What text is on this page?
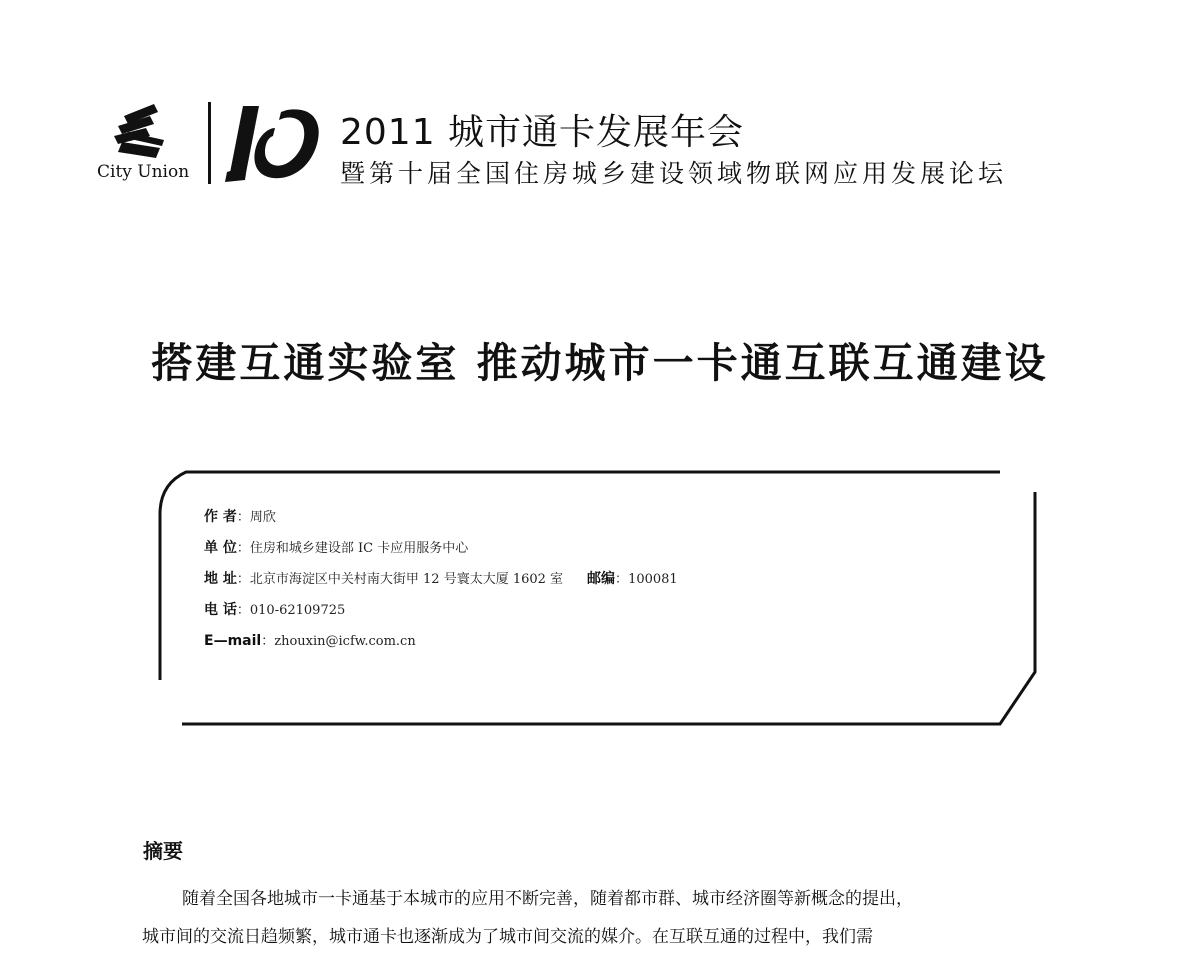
City Union
2011 城市通卡发展年会
暨第十届全国住房城乡建设领域物联网应用发展论坛
搭建互通实验室 推动城市一卡通互联互通建设
作 者：周欣
单 位：住房和城乡建设部 IC 卡应用服务中心
地 址：北京市海淀区中关村南大街甲 12 号寰太大厦 1602 室 邮编：100081
电 话：010-62109725
E—mail：zhouxin@icfw.com.cn
摘要
随着全国各地城市一卡通基于本城市的应用不断完善，随着都市群、城市经济圈等新概念的提出，
城市间的交流日趋频繁，城市通卡也逐渐成为了城市间交流的媒介。在互联互通的过程中，我们需
